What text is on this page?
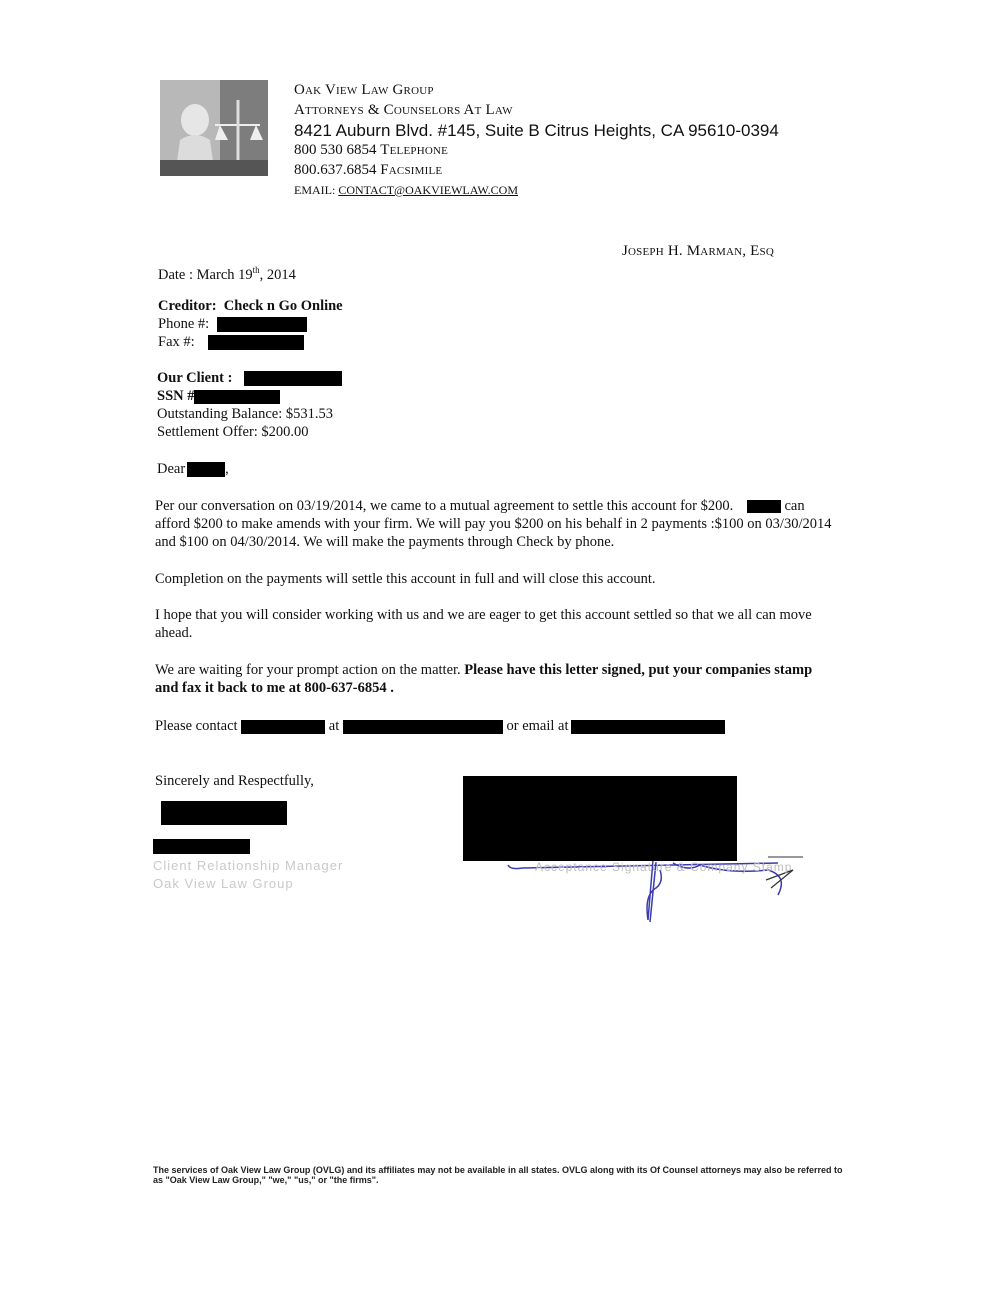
Oak View Law Group
Attorneys & Counselors At Law
8421 Auburn Blvd. #145, Suite B Citrus Heights, CA 95610-0394
800 530 6854 Telephone
800.637.6854 Facsimile
EMAIL: CONTACT@OAKVIEWLAW.COM
Joseph H. Marman, Esq
Date : March 19th, 2014
Creditor: Check n Go Online
Phone #:
Fax #:
Our Client :
SSN #
Outstanding Balance: $531.53
Settlement Offer: $200.00
Dear	,
Per our conversation on 03/19/2014, we came to a mutual agreement to settle this account for $200.	can afford $200 to make amends with your firm. We will pay you $200 on his behalf in 2 payments :$100 on 03/30/2014 and $100 on 04/30/2014. We will make the payments through Check by phone.
Completion on the payments will settle this account in full and will close this account.
I hope that you will consider working with us and we are eager to get this account settled so that we all can move ahead.
We are waiting for your prompt action on the matter. Please have this letter signed, put your companies stamp and fax it back to me at 800-637-6854 .
Please contact	at	or email at
Sincerely and Respectfully,
Client Relationship Manager
Oak View Law Group
Acceptance Signature & Company Stamp
The services of Oak View Law Group (OVLG) and its affiliates may not be available in all states. OVLG along with its Of Counsel attorneys may also be referred to as "Oak View Law Group," "we," "us," or "the firms".
